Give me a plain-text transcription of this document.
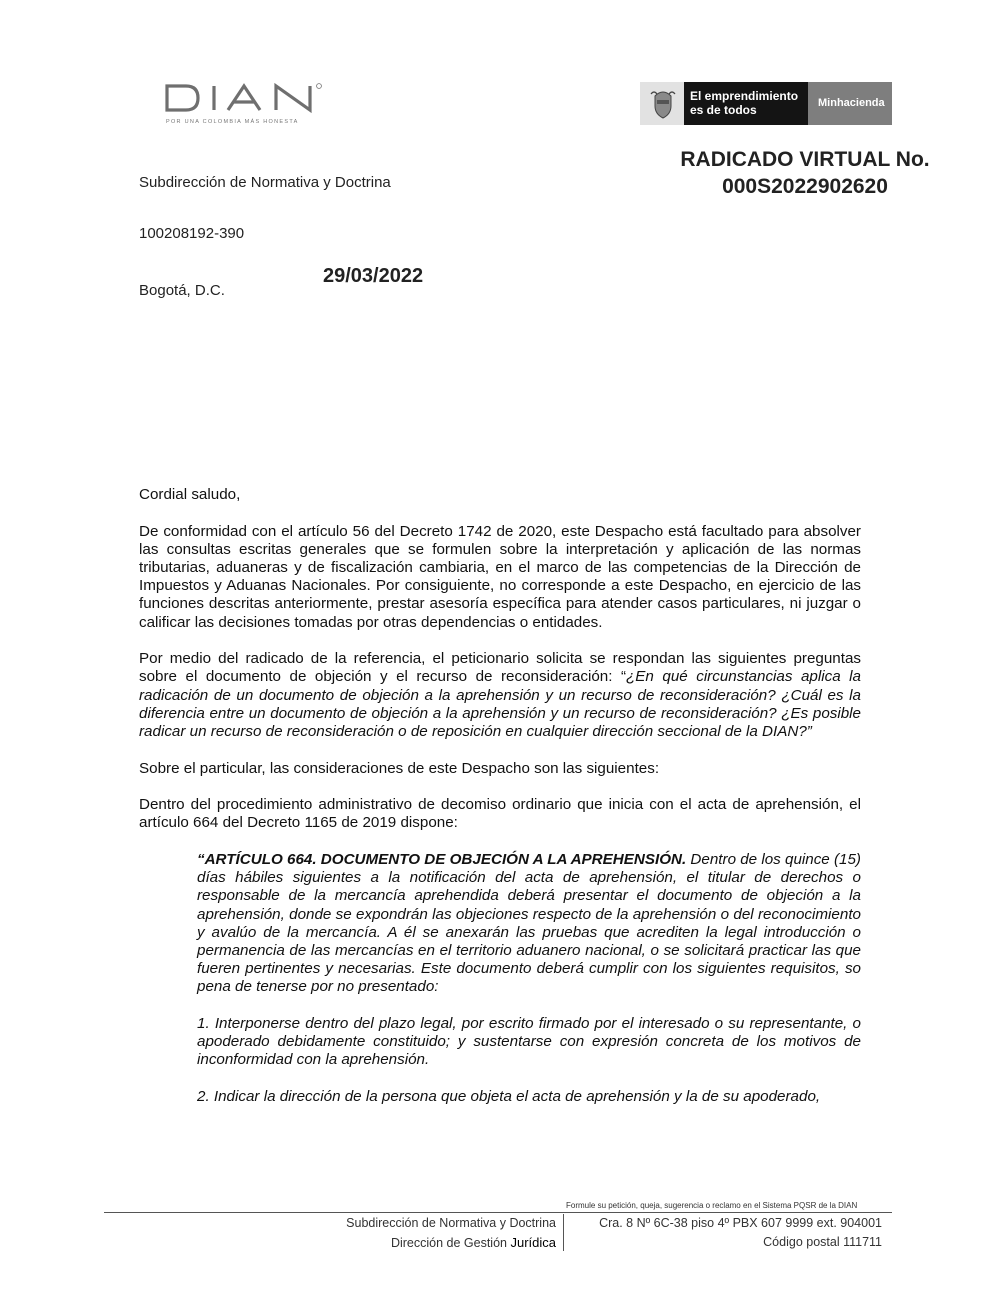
POR UNA COLOMBIA MÁS HONESTA
El emprendimiento
es de todos	Minhacienda
RADICADO VIRTUAL No.
000S2022902620
Subdirección de Normativa y Doctrina
100208192-390
Bogotá, D.C.
29/03/2022

Cordial saludo,

De conformidad con el artículo 56 del Decreto 1742 de 2020, este Despacho está facultado para absolver las consultas escritas generales que se formulen sobre la interpretación y aplicación de las normas tributarias, aduaneras y de fiscalización cambiaria, en el marco de las competencias de la Dirección de Impuestos y Aduanas Nacionales. Por consiguiente, no corresponde a este Despacho, en ejercicio de las funciones descritas anteriormente, prestar asesoría específica para atender casos particulares, ni juzgar o calificar las decisiones tomadas por otras dependencias o entidades.

Por medio del radicado de la referencia, el peticionario solicita se respondan las siguientes preguntas sobre el documento de objeción y el recurso de reconsideración: “¿En qué circunstancias aplica la radicación de un documento de objeción a la aprehensión y un recurso de reconsideración? ¿Cuál es la diferencia entre un documento de objeción a la aprehensión y un recurso de reconsideración? ¿Es posible radicar un recurso de reconsideración o de reposición en cualquier dirección seccional de la DIAN?”

Sobre el particular, las consideraciones de este Despacho son las siguientes:

Dentro del procedimiento administrativo de decomiso ordinario que inicia con el acta de aprehensión, el artículo 664 del Decreto 1165 de 2019 dispone:

“ARTÍCULO 664. DOCUMENTO DE OBJECIÓN A LA APREHENSIÓN. Dentro de los quince (15) días hábiles siguientes a la notificación del acta de aprehensión, el titular de derechos o responsable de la mercancía aprehendida deberá presentar el documento de objeción a la aprehensión, donde se expondrán las objeciones respecto de la aprehensión o del reconocimiento y avalúo de la mercancía. A él se anexarán las pruebas que acrediten la legal introducción o permanencia de las mercancías en el territorio aduanero nacional, o se solicitará practicar las que fueren pertinentes y necesarias. Este documento deberá cumplir con los siguientes requisitos, so pena de tenerse por no presentado:

1. Interponerse dentro del plazo legal, por escrito firmado por el interesado o su representante, o apoderado debidamente constituido; y sustentarse con expresión concreta de los motivos de inconformidad con la aprehensión.

2. Indicar la dirección de la persona que objeta el acta de aprehensión y la de su apoderado,

Formule su petición, queja, sugerencia o reclamo en el Sistema PQSR de la DIAN
Subdirección de Normativa y Doctrina
Dirección de Gestión Jurídica
Cra. 8 Nº 6C-38 piso 4º PBX 607 9999 ext. 904001
Código postal 111711
